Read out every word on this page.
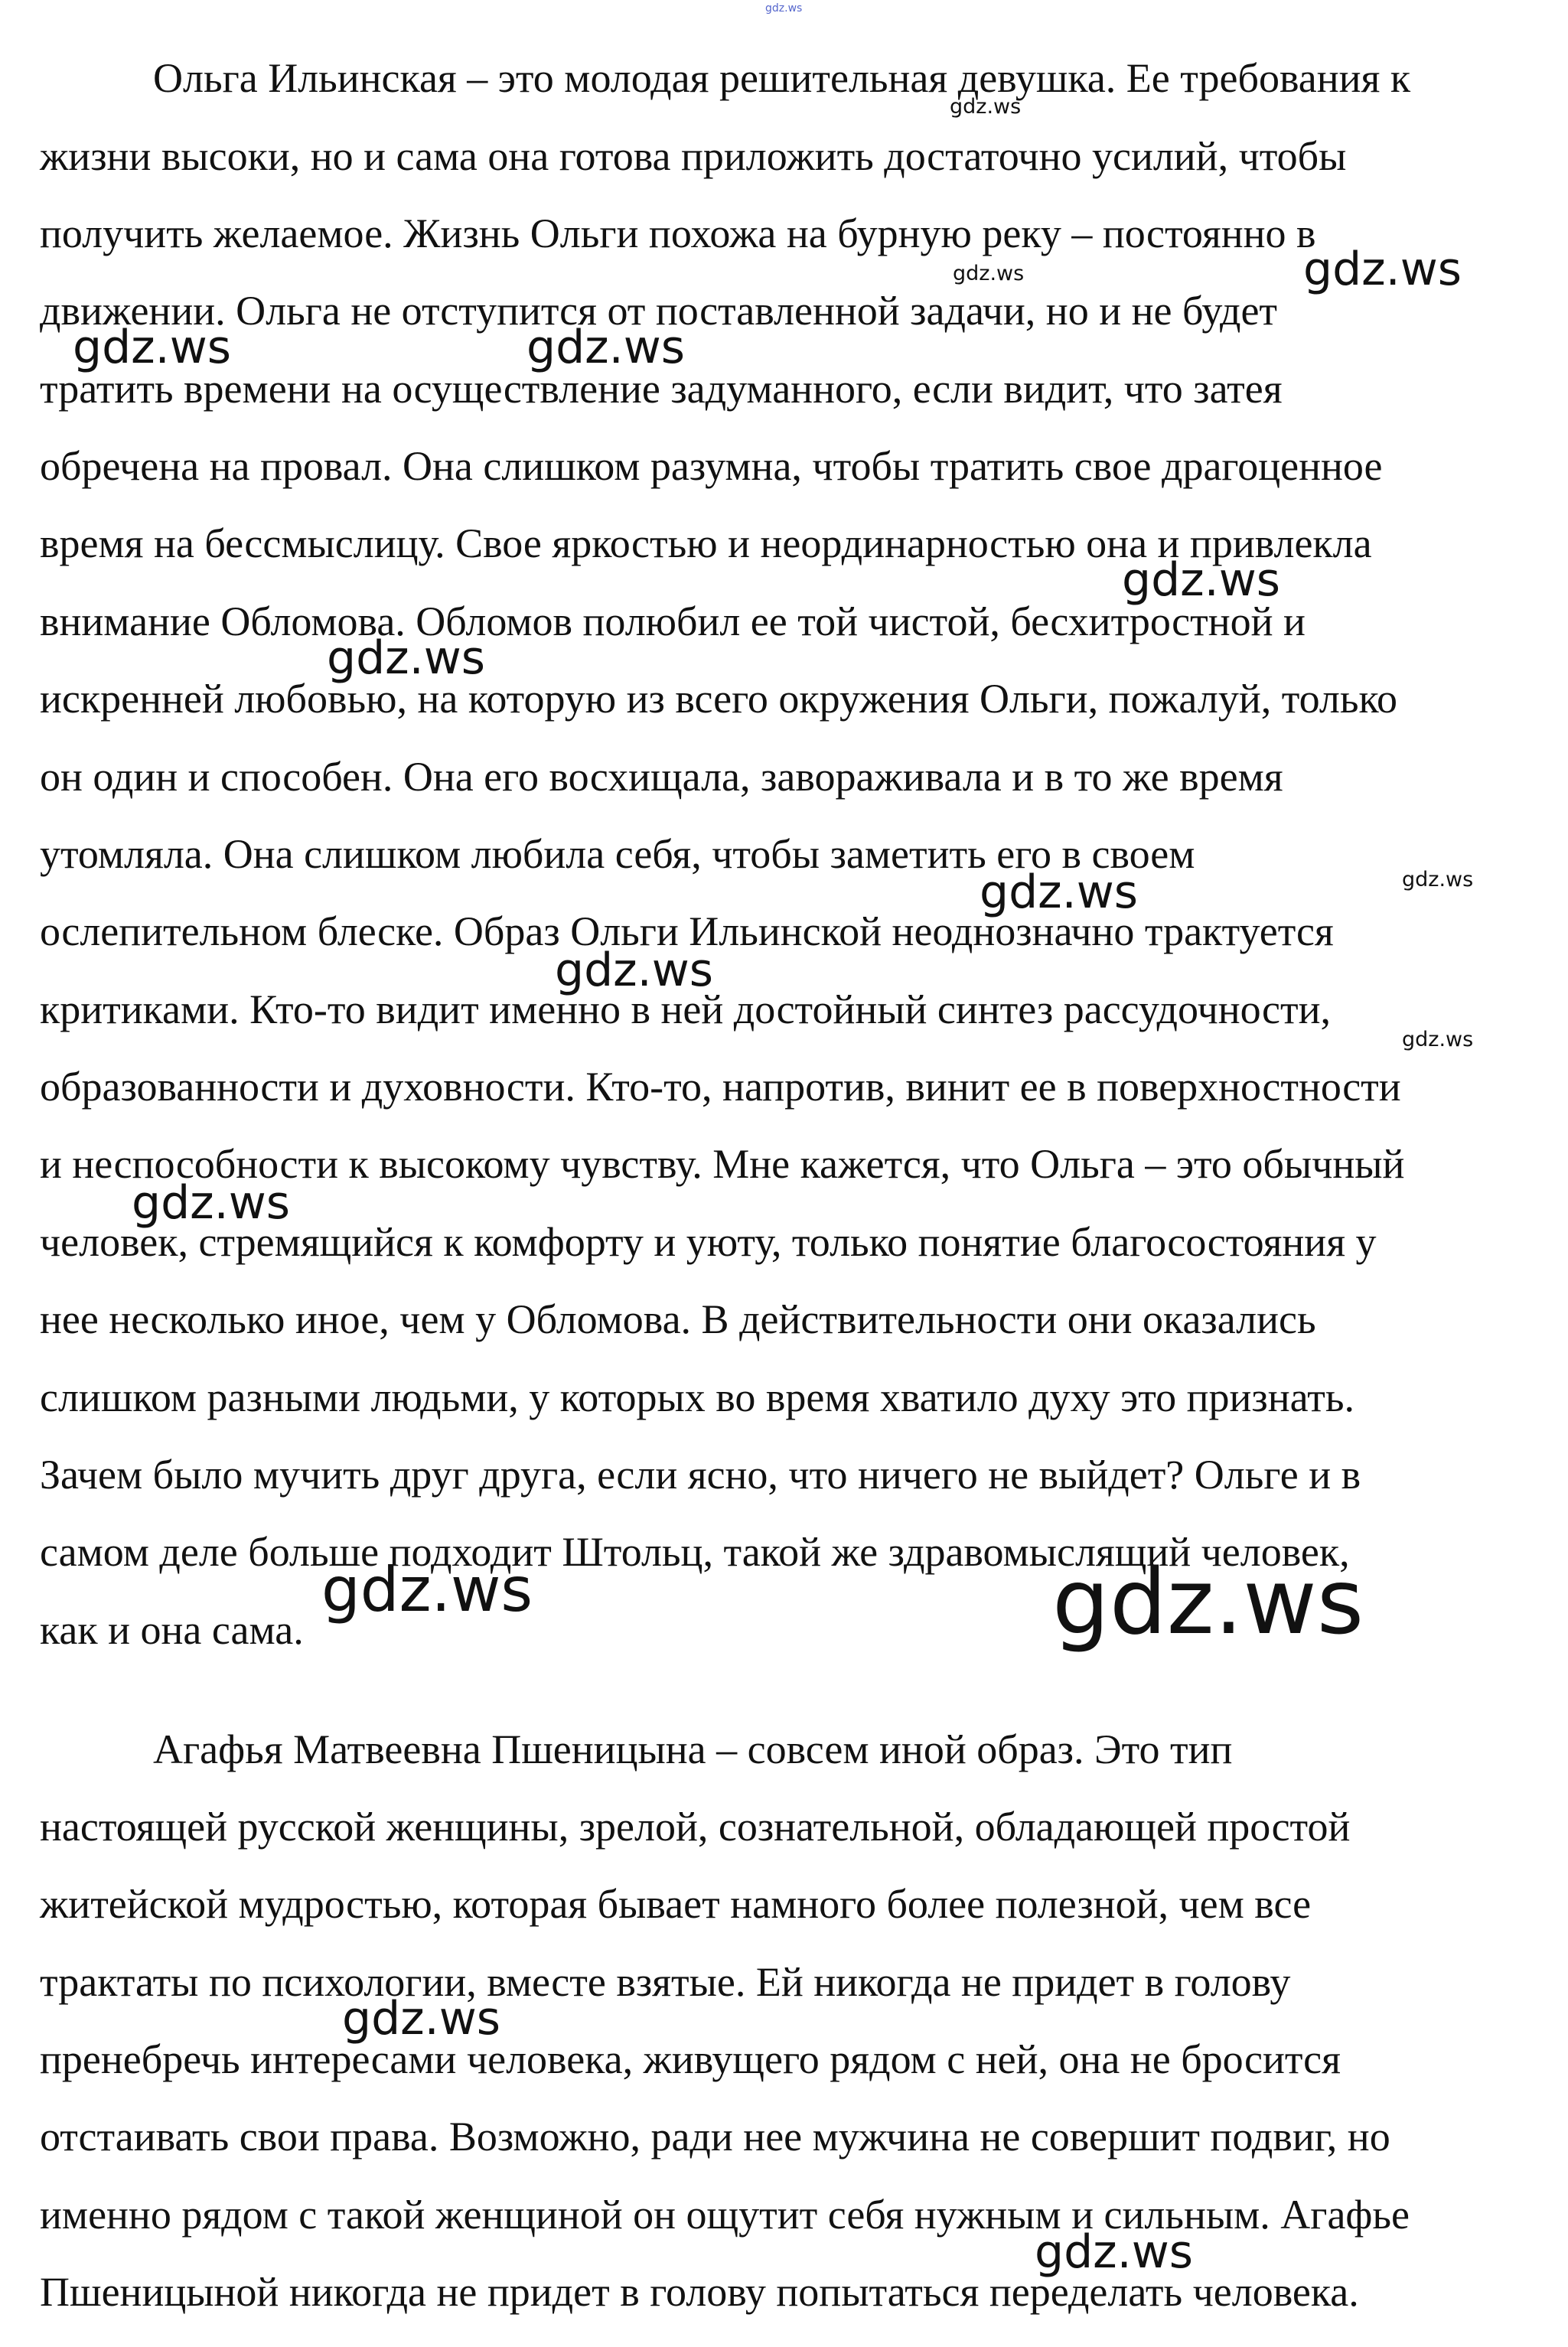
Ольга Ильинская – это молодая решительная девушка. Ее требования к
жизни высоки, но и сама она готова приложить достаточно усилий, чтобы
получить желаемое. Жизнь Ольги похожа на бурную реку – постоянно в
движении. Ольга не отступится от поставленной задачи, но и не будет
тратить времени на осуществление задуманного, если видит, что затея
обречена на провал. Она слишком разумна, чтобы тратить свое драгоценное
время на бессмыслицу. Свое яркостью и неординарностью она и привлекла
внимание Обломова. Обломов полюбил ее той чистой, бесхитростной и
искренней любовью, на которую из всего окружения Ольги, пожалуй, только
он один и способен. Она его восхищала, завораживала и в то же время
утомляла. Она слишком любила себя, чтобы заметить его в своем
ослепительном блеске. Образ Ольги Ильинской неоднозначно трактуется
критиками. Кто-то видит именно в ней достойный синтез рассудочности,
образованности и духовности. Кто-то, напротив, винит ее в поверхностности
и неспособности к высокому чувству. Мне кажется, что Ольга – это обычный
человек, стремящийся к комфорту и уюту, только понятие благосостояния у
нее несколько иное, чем у Обломова. В действительности они оказались
слишком разными людьми, у которых во время хватило духу это признать.
Зачем было мучить друг друга, если ясно, что ничего не выйдет? Ольге и в
самом деле больше подходит Штольц, такой же здравомыслящий человек,
как и она сама.
Агафья Матвеевна Пшеницына – совсем иной образ. Это тип
настоящей русской женщины, зрелой, сознательной, обладающей простой
житейской мудростью, которая бывает намного более полезной, чем все
трактаты по психологии, вместе взятые. Ей никогда не придет в голову
пренебречь интересами человека, живущего рядом с ней, она не бросится
отстаивать свои права. Возможно, ради нее мужчина не совершит подвиг, но
именно рядом с такой женщиной он ощутит себя нужным и сильным. Агафье
Пшеницыной никогда не придет в голову попытаться переделать человека.
gdz.ws
gdz.ws
gdz.ws	gdz.ws
gdz.ws	gdz.ws
gdz.ws
gdz.ws
gdz.ws
gdz.ws
gdz.ws
gdz.ws
gdz.ws
gdz.ws	gdz.ws
gdz.ws
gdz.ws
